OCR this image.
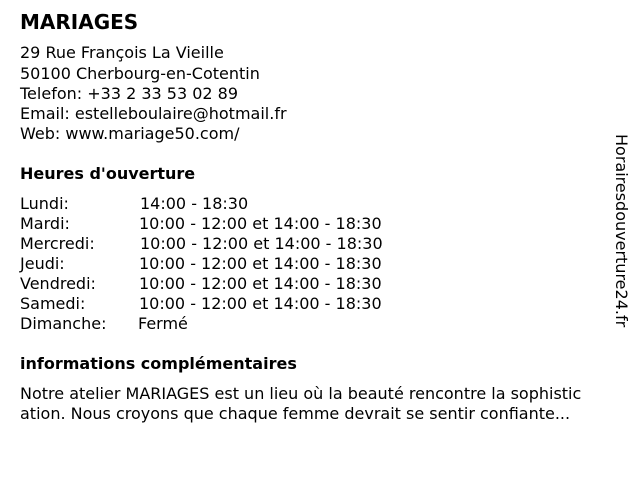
MARIAGES
29 Rue François La Vieille
50100 Cherbourg-en-Cotentin
Telefon: +33 2 33 53 02 89
Email: estelleboulaire@hotmail.fr
Web: www.mariage50.com/
Heures d'ouverture
Lundi:	14:00 - 18:30
Mardi:	10:00 - 12:00 et 14:00 - 18:30
Mercredi:	10:00 - 12:00 et 14:00 - 18:30
Jeudi:	10:00 - 12:00 et 14:00 - 18:30
Vendredi:	10:00 - 12:00 et 14:00 - 18:30
Samedi:	10:00 - 12:00 et 14:00 - 18:30
Dimanche: Fermé
informations complémentaires
Notre atelier MARIAGES est un lieu où la beauté rencontre la sophistic
ation. Nous croyons que chaque femme devrait se sentir confiante...
Horairesdouverture24.fr
